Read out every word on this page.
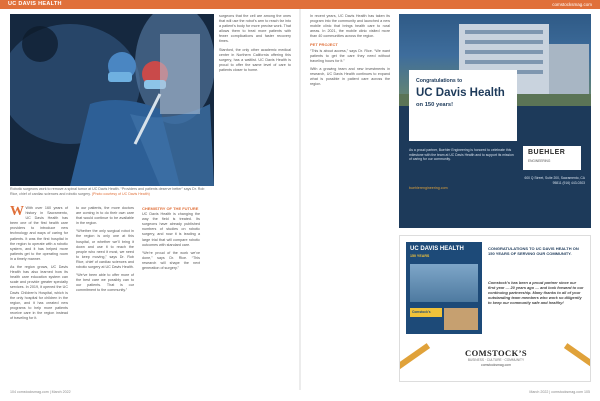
UC DAVIS HEALTH	comstocksmag.com
Robotic surgeons work to remove a spinal tumor at UC Davis Health. “Providers and patients deserve better” says Dr. Rob Rice, chief of cardiac sciences and robotic surgery. (Photo courtesy of UC Davis Health)

W With over 160 years of history in Sacramento, UC Davis Health has been one of the first health care providers to introduce new technology and ways of caring for patients. It was the first hospital in the region to operate with a robotic system, and it has helped more patients get to the operating room in a timely manner.

As the region grows, UC Davis Health has also learned how its health care education system can scale and provide greater specialty services. In 2019, it opened the UC Davis Children’s Hospital, which is the only hospital for children in the region, and it has created new programs to help more patients receive care in the region instead of traveling for it.

to our patients, the more doctors are coming in to do their own care that would continue to be available in the region.

“Whether the only surgical robot in the region is only one at this hospital, or whether we’ll bring it down and use it to reach the people who need it most, we need to keep moving,” says Dr. Rob Rice, chief of cardiac sciences and robotic surgery at UC Davis Health.

“We’ve been able to offer more of the best care we possibly can to our patients. That is our commitment to the community.”

CHEMISTRY OF THE FUTURE

UC Davis Health is changing the way the field is treated. Its surgeons have already published numbers of studies on robotic surgery, and now it is leading a large trial that will compare robotic outcomes with standard care.

“We’re proud of the work we’ve done,” says Dr. Rice. “This research will shape the next generation of surgery.”

surgeons that the cell are among the ones that will use the robot’s arm to reach far into a patient’s body for more precise work. That allows them to treat more patients with fewer complications and faster recovery times.

Stanford, the only other academic medical center in Northern California offering this surgery, has a waitlist. UC Davis Health is proud to offer the same level of care to patients closer to home.

In recent years, UC Davis Health has taken its program into the community and launched a new mobile clinic that brings health care to rural areas. In 2021, the mobile clinic visited more than 40 communities across the region.

PET PROJECT

“This is about access,” says Dr. Rice. “We want patients to get the care they need without traveling hours for it.”

With a growing team and new investments in research, UC Davis Health continues to expand what is possible in patient care across the region.

Congratulations to
UC Davis Health
on 150 years!
As a proud partner, Buehler Engineering is honored to celebrate this milestone with the team at UC Davis Health and to support its mission of caring for our community.
buehlerengineering.com
BUEHLER
ENGINEERING
600 Q Street, Suite 200, Sacramento, CA 95811 (916) 443-0303
UC DAVIS HEALTH
150 YEARS
Comstock’s
CONGRATULATIONS TO UC DAVIS HEALTH ON 150 YEARS OF SERVING OUR COMMUNITY.
Comstock’s has been a proud partner since our first year — 20 years ago — and look forward to our continuing partnership. Many thanks to all of your outstanding team members who work so diligently to keep our community safe and healthy!
COMSTOCK’S
BUSINESS · CULTURE · COMMUNITY
comstocksmag.com
104 comstocksmag.com | March 2022	March 2022 | comstocksmag.com 105
